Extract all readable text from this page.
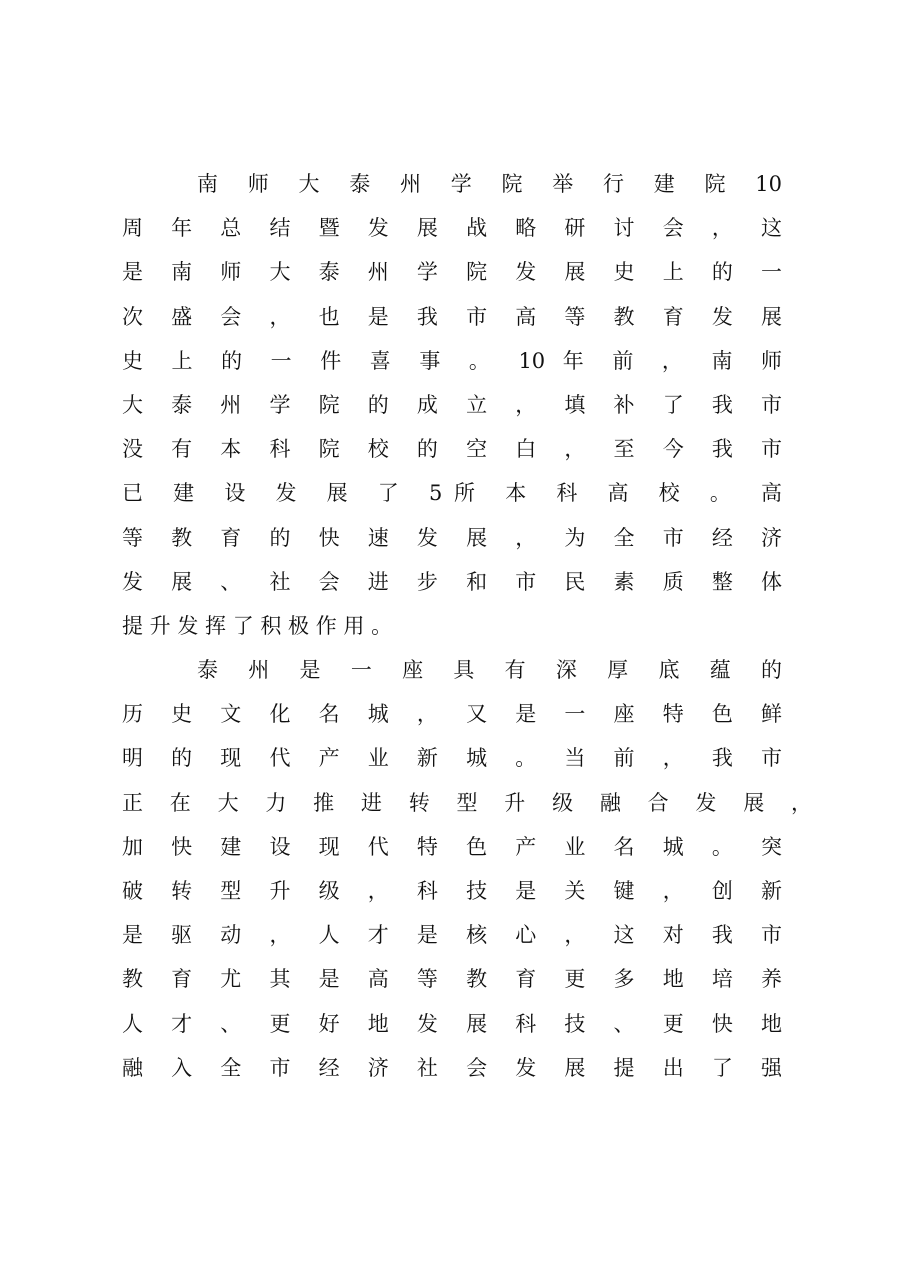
南 师 大 泰 州 学 院 举 行 建 院 10
周 年 总 结 暨 发 展 战 略 研 讨 会 ， 这
是 南 师 大 泰 州 学 院 发 展 史 上 的 一
次 盛 会 ， 也 是 我 市 高 等 教 育 发 展
史 上 的 一 件 喜 事 。 10 年 前 ， 南 师
大 泰 州 学 院 的 成 立 ， 填 补 了 我 市
没 有 本 科 院 校 的 空 白 ， 至 今 我 市
已 建 设 发 展 了 5所 本 科 高 校 。 高
等 教 育 的 快 速 发 展 ， 为 全 市 经 济
发 展 、 社 会 进 步 和 市 民 素 质 整 体
提 升 发 挥 了 积 极 作 用 。
泰 州 是 一 座 具 有 深 厚 底 蕴 的
历 史 文 化 名 城 ， 又 是 一 座 特 色 鲜
明 的 现 代 产 业 新 城 。 当 前 ， 我 市
正 在 大 力 推 进 转 型 升 级 融 合 发 展 ，
加 快 建 设 现 代 特 色 产 业 名 城 。 突
破 转 型 升 级 ， 科 技 是 关 键 ， 创 新
是 驱 动 ， 人 才 是 核 心 ， 这 对 我 市
教 育 尤 其 是 高 等 教 育 更 多 地 培 养
人 才 、 更 好 地 发 展 科 技 、 更 快 地
融 入 全 市 经 济 社 会 发 展 提 出 了 强
